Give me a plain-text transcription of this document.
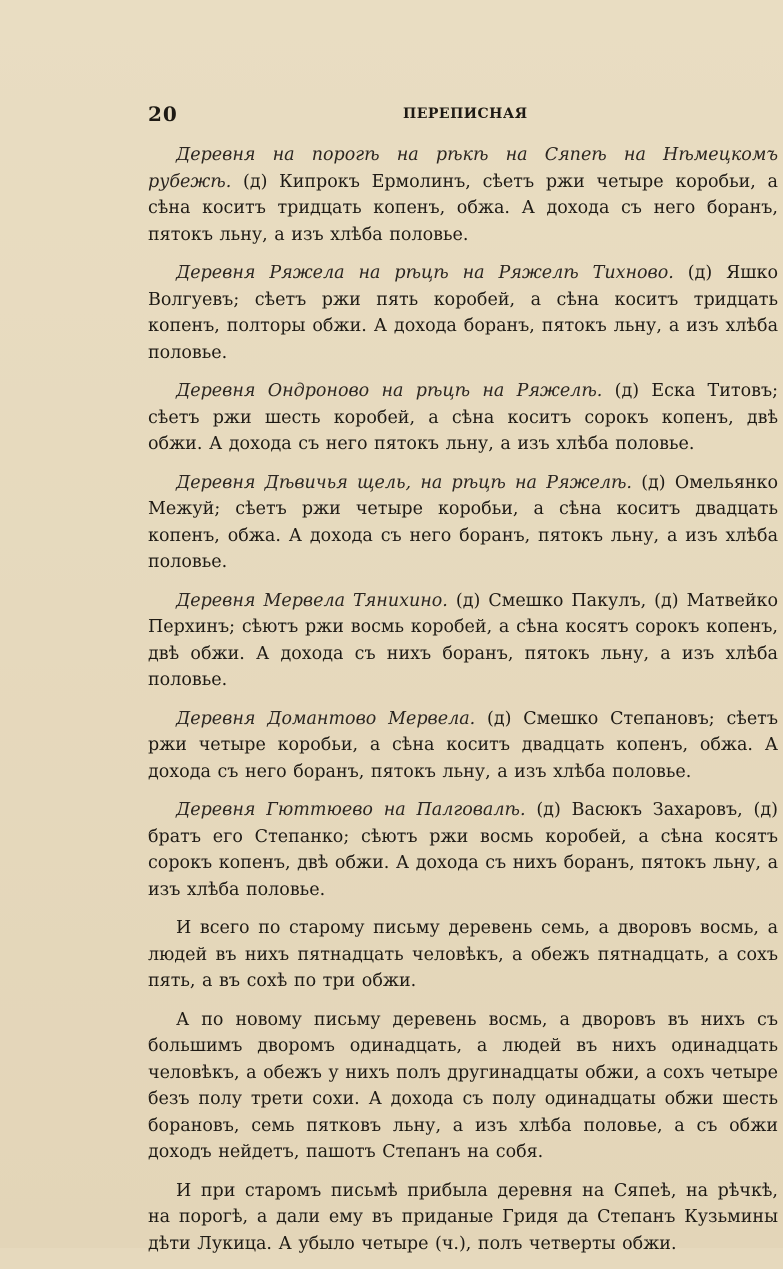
20	ПЕРЕПИСНАЯ

Деревня на порогѣ на рѣкѣ на Сяпеѣ на Нѣмецкомъ рубежѣ. (д) Кипрокъ Ермолинъ, сѣетъ ржи четыре коробьи, а сѣна коситъ тридцать копенъ, обжа. А дохода съ него боранъ, пятокъ льну, а изъ хлѣба половье.

Деревня Ряжела на рѣцѣ на Ряжелѣ Тихново. (д) Яшко Волгуевъ; сѣетъ ржи пять коробей, а сѣна коситъ тридцать копенъ, полторы обжи. А дохода боранъ, пятокъ льну, а изъ хлѣба половье.

Деревня Ондроново на рѣцѣ на Ряжелѣ. (д) Еска Титовъ; сѣетъ ржи шесть коробей, а сѣна коситъ сорокъ копенъ, двѣ обжи. А дохода съ него пятокъ льну, а изъ хлѣба половье.

Деревня Дѣвичья щель, на рѣцѣ на Ряжелѣ. (д) Омельянко Межуй; сѣетъ ржи четыре коробьи, а сѣна коситъ двадцать копенъ, обжа. А дохода съ него боранъ, пятокъ льну, а изъ хлѣба половье.

Деревня Мервела Тянихино. (д) Смешко Пакулъ, (д) Матвейко Перхинъ; сѣютъ ржи восмь коробей, а сѣна косятъ сорокъ копенъ, двѣ обжи. А дохода съ нихъ боранъ, пятокъ льну, а изъ хлѣба половье.

Деревня Домантово Мервела. (д) Смешко Степановъ; сѣетъ ржи четыре коробьи, а сѣна коситъ двадцать копенъ, обжа. А дохода съ него боранъ, пятокъ льну, а изъ хлѣба половье.

Деревня Гюттюево на Палговалѣ. (д) Васюкъ Захаровъ, (д) братъ его Степанко; сѣютъ ржи восмь коробей, а сѣна косятъ сорокъ копенъ, двѣ обжи. А дохода съ нихъ боранъ, пятокъ льну, а изъ хлѣба половье.

И всего по старому письму деревень семь, а дворовъ восмь, а людей въ нихъ пятнадцать человѣкъ, а обежъ пятнадцать, а сохъ пять, а въ сохѣ по три обжи.

А по новому письму деревень восмь, а дворовъ въ нихъ съ большимъ дворомъ одинадцать, а людей въ нихъ одинадцать человѣкъ, а обежъ у нихъ полъ другинадцаты обжи, а сохъ четыре безъ полу трети сохи. А дохода съ полу одинадцаты обжи шесть борановъ, семь пятковъ льну, а изъ хлѣба половье, а съ обжи доходъ нейдетъ, пашотъ Степанъ на собя.

И при старомъ письмѣ прибыла деревня на Сяпеѣ, на рѣчкѣ, на порогѣ, а дали ему въ приданые Гридя да Степанъ Кузьмины дѣти Лукица. А убыло четыре (ч.), полъ четверты обжи.
